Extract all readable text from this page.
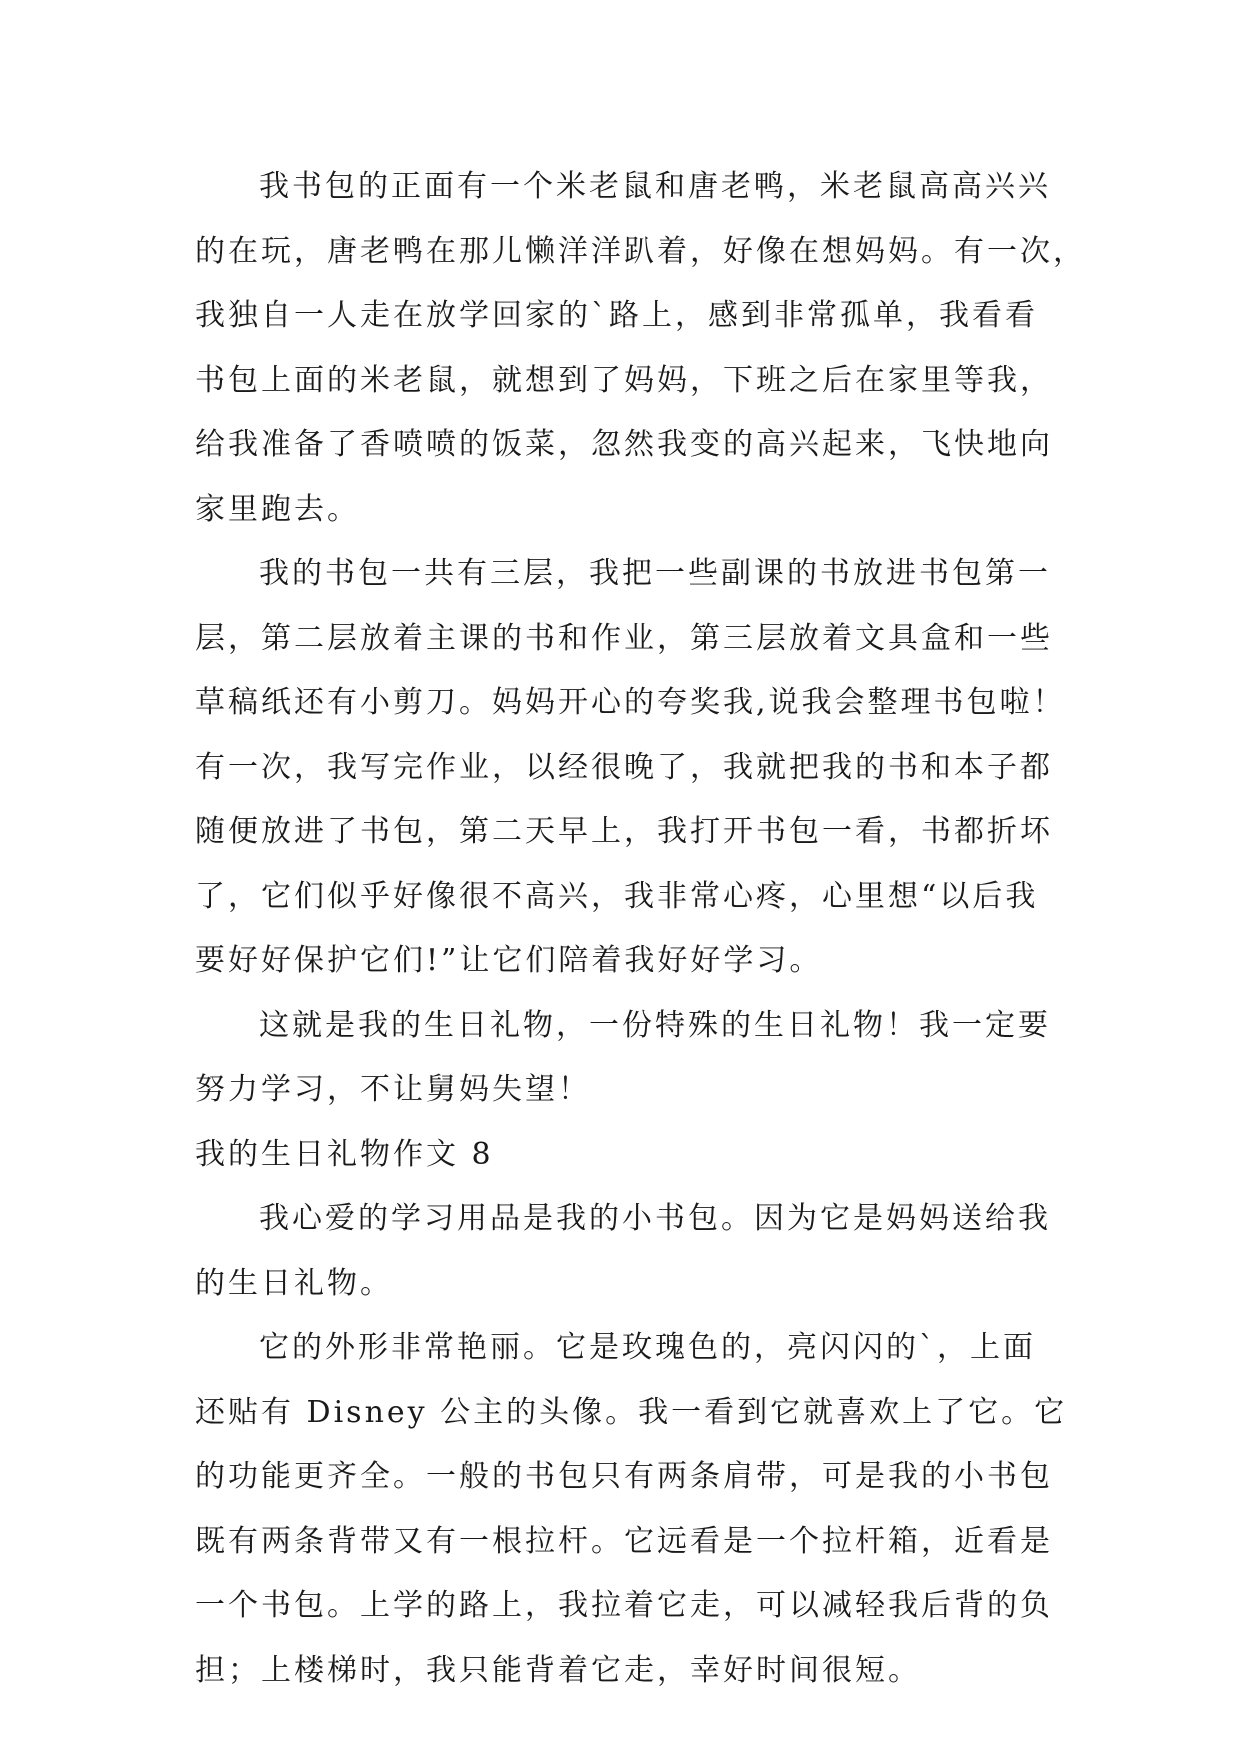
我书包的正面有一个米老鼠和唐老鸭，米老鼠高高兴兴
的在玩，唐老鸭在那儿懒洋洋趴着，好像在想妈妈。有一次，
我独自一人走在放学回家的`路上，感到非常孤单，我看看
书包上面的米老鼠，就想到了妈妈，下班之后在家里等我，
给我准备了香喷喷的饭菜，忽然我变的高兴起来，飞快地向
家里跑去。
我的书包一共有三层，我把一些副课的书放进书包第一
层，第二层放着主课的书和作业，第三层放着文具盒和一些
草稿纸还有小剪刀。妈妈开心的夸奖我,说我会整理书包啦！
有一次，我写完作业，以经很晚了，我就把我的书和本子都
随便放进了书包，第二天早上，我打开书包一看，书都折坏
了，它们似乎好像很不高兴，我非常心疼，心里想“以后我
要好好保护它们!”让它们陪着我好好学习。
这就是我的生日礼物，一份特殊的生日礼物！我一定要
努力学习，不让舅妈失望！
我的生日礼物作文 8
我心爱的学习用品是我的小书包。因为它是妈妈送给我
的生日礼物。
它的外形非常艳丽。它是玫瑰色的，亮闪闪的`，上面
还贴有 Disney 公主的头像。我一看到它就喜欢上了它。它
的功能更齐全。一般的书包只有两条肩带，可是我的小书包
既有两条背带又有一根拉杆。它远看是一个拉杆箱，近看是
一个书包。上学的路上，我拉着它走，可以减轻我后背的负
担；上楼梯时，我只能背着它走，幸好时间很短。
